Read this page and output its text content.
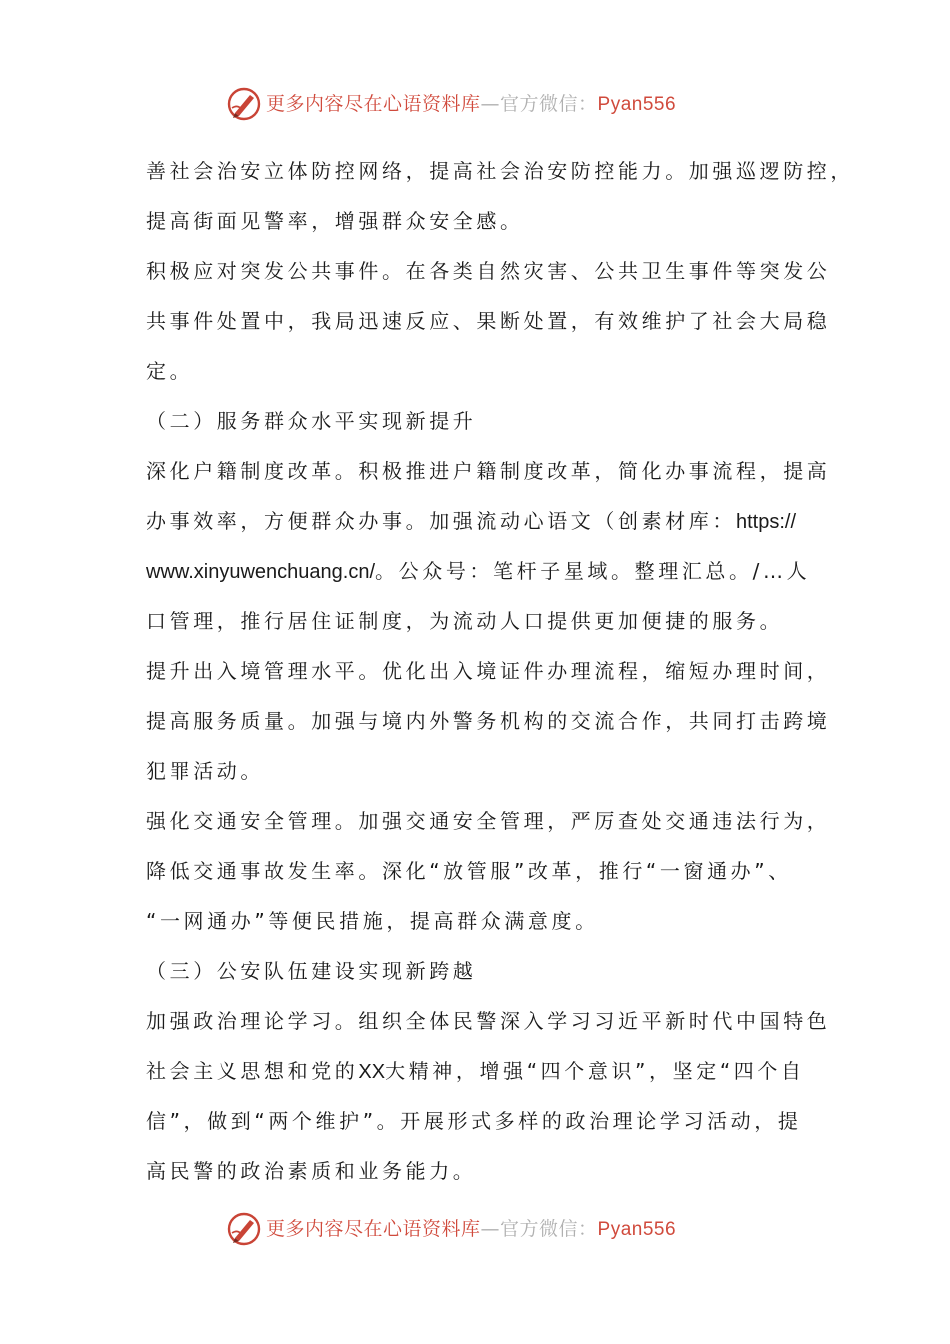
更多内容尽在心语资料库—官方微信：Pyan556
善社会治安立体防控网络，提高社会治安防控能力。加强巡逻防控，
提高街面见警率，增强群众安全感。
积极应对突发公共事件。在各类自然灾害、公共卫生事件等突发公
共事件处置中，我局迅速反应、果断处置，有效维护了社会大局稳
定。
（二）服务群众水平实现新提升
深化户籍制度改革。积极推进户籍制度改革，简化办事流程，提高
办事效率，方便群众办事。加强流动心语文（创素材库：https://
www.xinyuwenchuang.cn/。公众号：笔杆子星域。整理汇总。/…人
口管理，推行居住证制度，为流动人口提供更加便捷的服务。
提升出入境管理水平。优化出入境证件办理流程，缩短办理时间，
提高服务质量。加强与境内外警务机构的交流合作，共同打击跨境
犯罪活动。
强化交通安全管理。加强交通安全管理，严厉查处交通违法行为，
降低交通事故发生率。深化“放管服”改革，推行“一窗通办”、
“一网通办”等便民措施，提高群众满意度。
（三）公安队伍建设实现新跨越
加强政治理论学习。组织全体民警深入学习习近平新时代中国特色
社会主义思想和党的XX大精神，增强“四个意识”，坚定“四个自
信”，做到“两个维护”。开展形式多样的政治理论学习活动，提
高民警的政治素质和业务能力。
更多内容尽在心语资料库—官方微信：Pyan556
